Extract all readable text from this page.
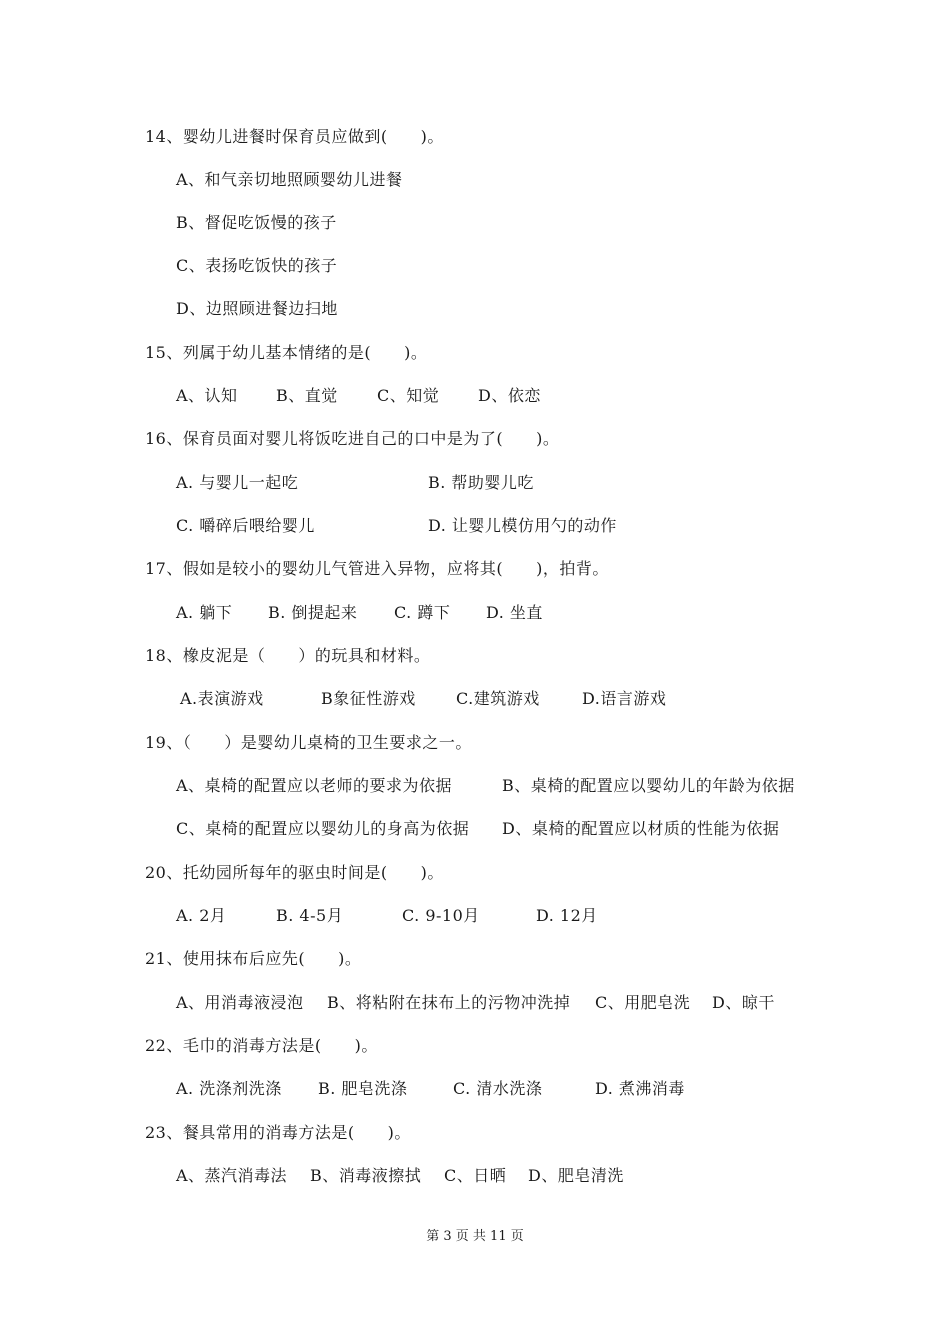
14、婴幼儿进餐时保育员应做到(　　)。
A、和气亲切地照顾婴幼儿进餐
B、督促吃饭慢的孩子
C、表扬吃饭快的孩子
D、边照顾进餐边扫地
15、列属于幼儿基本情绪的是(　　)。
A、认知 B、直觉 C、知觉 D、依恋
16、保育员面对婴儿将饭吃进自己的口中是为了(　　)。
A. 与婴儿一起吃	B. 帮助婴儿吃
C. 嚼碎后喂给婴儿	D. 让婴儿模仿用勺的动作
17、假如是较小的婴幼儿气管进入异物，应将其(　　)，拍背。
A. 躺下 B. 倒提起来 C. 蹲下 D. 坐直
18、橡皮泥是（　　）的玩具和材料。
A.表演游戏	B象征性游戏	C.建筑游戏	D.语言游戏
19、（　　）是婴幼儿桌椅的卫生要求之一。
A、桌椅的配置应以老师的要求为依据	B、桌椅的配置应以婴幼儿的年龄为依据
C、桌椅的配置应以婴幼儿的身高为依据 D、桌椅的配置应以材质的性能为依据
20、托幼园所每年的驱虫时间是(　　)。
A. 2月	B. 4-5月	C. 9-10月	D. 12月
21、使用抹布后应先(　　)。
A、用消毒液浸泡 B、将粘附在抹布上的污物冲洗掉 C、用肥皂洗 D、晾干
22、毛巾的消毒方法是(　　)。
A. 洗涤剂洗涤 B. 肥皂洗涤	C. 清水洗涤	D. 煮沸消毒
23、餐具常用的消毒方法是(　　)。
A、蒸汽消毒法 B、消毒液擦拭 C、日晒 D、肥皂清洗
第 3 页 共 11 页
